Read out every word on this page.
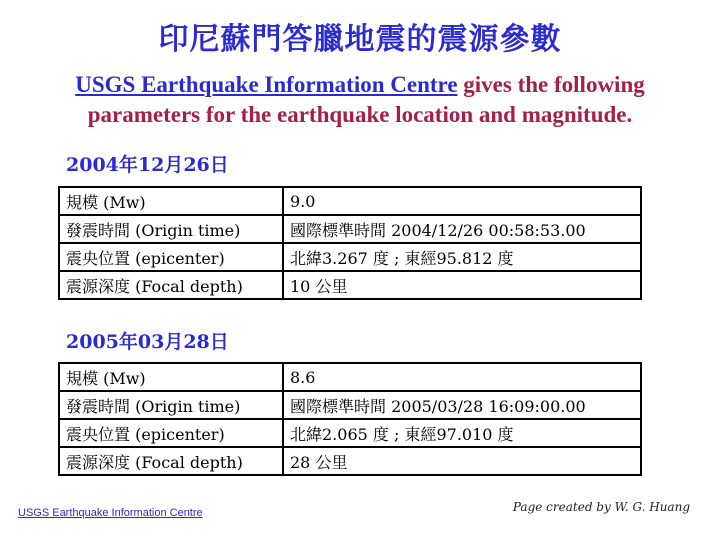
印尼蘇門答臘地震的震源參數
USGS Earthquake Information Centre gives the following
parameters for the earthquake location and magnitude.
2004年12月26日
規模 (Mw)	9.0
發震時間 (Origin time)	國際標準時間 2004/12/26 00:58:53.00
震央位置 (epicenter)	北緯3.267 度 ; 東經95.812 度
震源深度 (Focal depth)	10 公里
2005年03月28日
規模 (Mw)	8.6
發震時間 (Origin time)	國際標準時間 2005/03/28 16:09:00.00
震央位置 (epicenter)	北緯2.065 度 ; 東經97.010 度
震源深度 (Focal depth)	28 公里
USGS Earthquake Information Centre	Page created by W. G. Huang
